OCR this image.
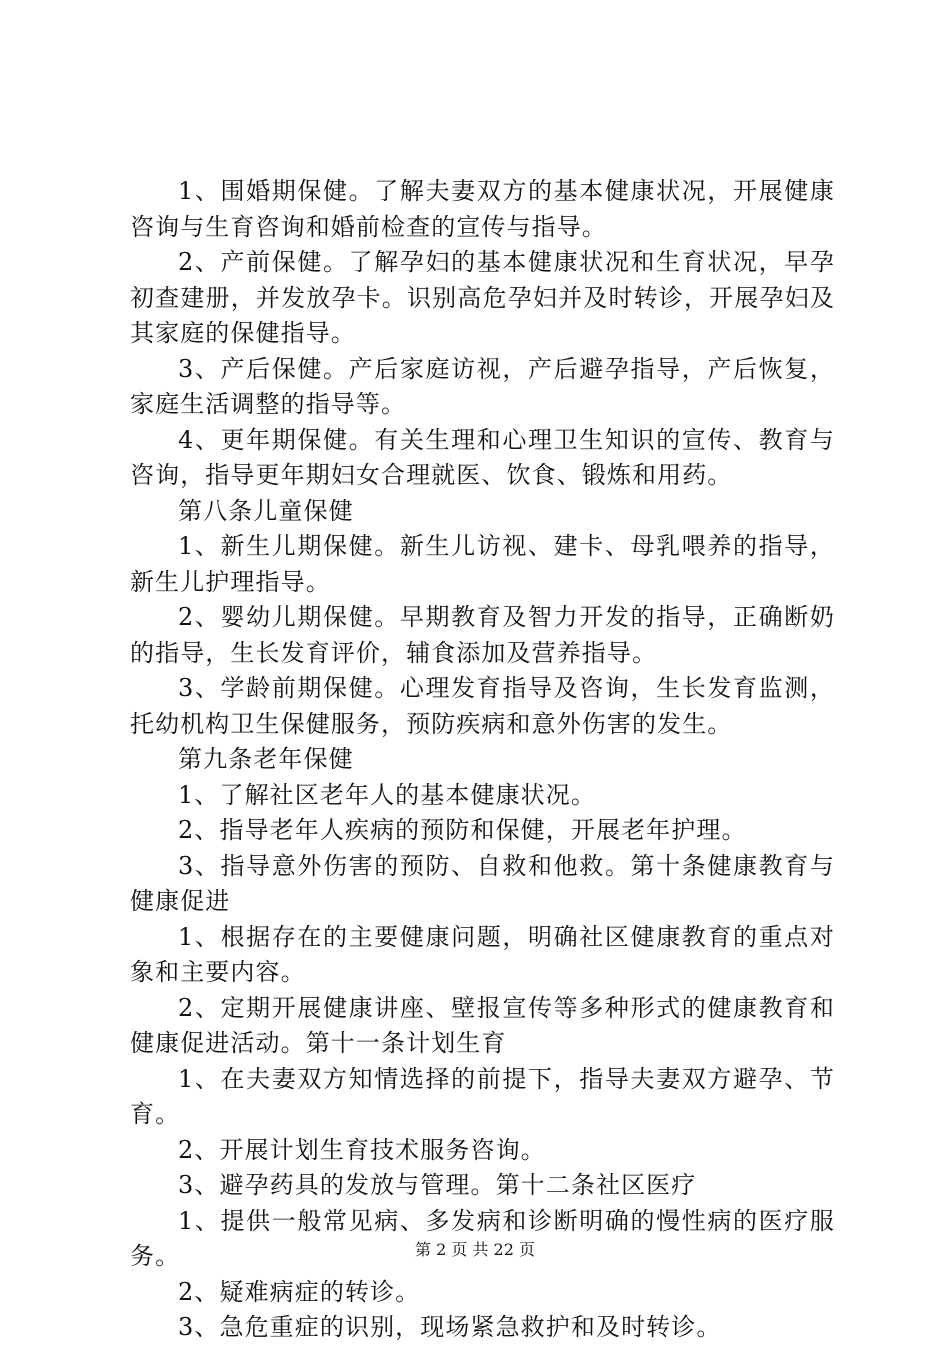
1、围婚期保健。了解夫妻双方的基本健康状况，开展健康咨询与生育咨询和婚前检查的宣传与指导。

2、产前保健。了解孕妇的基本健康状况和生育状况，早孕初查建册，并发放孕卡。识别高危孕妇并及时转诊，开展孕妇及其家庭的保健指导。

3、产后保健。产后家庭访视，产后避孕指导，产后恢复，家庭生活调整的指导等。

4、更年期保健。有关生理和心理卫生知识的宣传、教育与咨询，指导更年期妇女合理就医、饮食、锻炼和用药。

第八条儿童保健

1、新生儿期保健。新生儿访视、建卡、母乳喂养的指导，新生儿护理指导。

2、婴幼儿期保健。早期教育及智力开发的指导，正确断奶的指导，生长发育评价，辅食添加及营养指导。

3、学龄前期保健。心理发育指导及咨询，生长发育监测，托幼机构卫生保健服务，预防疾病和意外伤害的发生。

第九条老年保健

1、了解社区老年人的基本健康状况。

2、指导老年人疾病的预防和保健，开展老年护理。

3、指导意外伤害的预防、自救和他救。第十条健康教育与健康促进

1、根据存在的主要健康问题，明确社区健康教育的重点对象和主要内容。

2、定期开展健康讲座、壁报宣传等多种形式的健康教育和健康促进活动。第十一条计划生育

1、在夫妻双方知情选择的前提下，指导夫妻双方避孕、节育。

2、开展计划生育技术服务咨询。

3、避孕药具的发放与管理。第十二条社区医疗

1、提供一般常见病、多发病和诊断明确的慢性病的医疗服务。

2、疑难病症的转诊。

3、急危重症的识别，现场紧急救护和及时转诊。

第 2 页 共 22 页
